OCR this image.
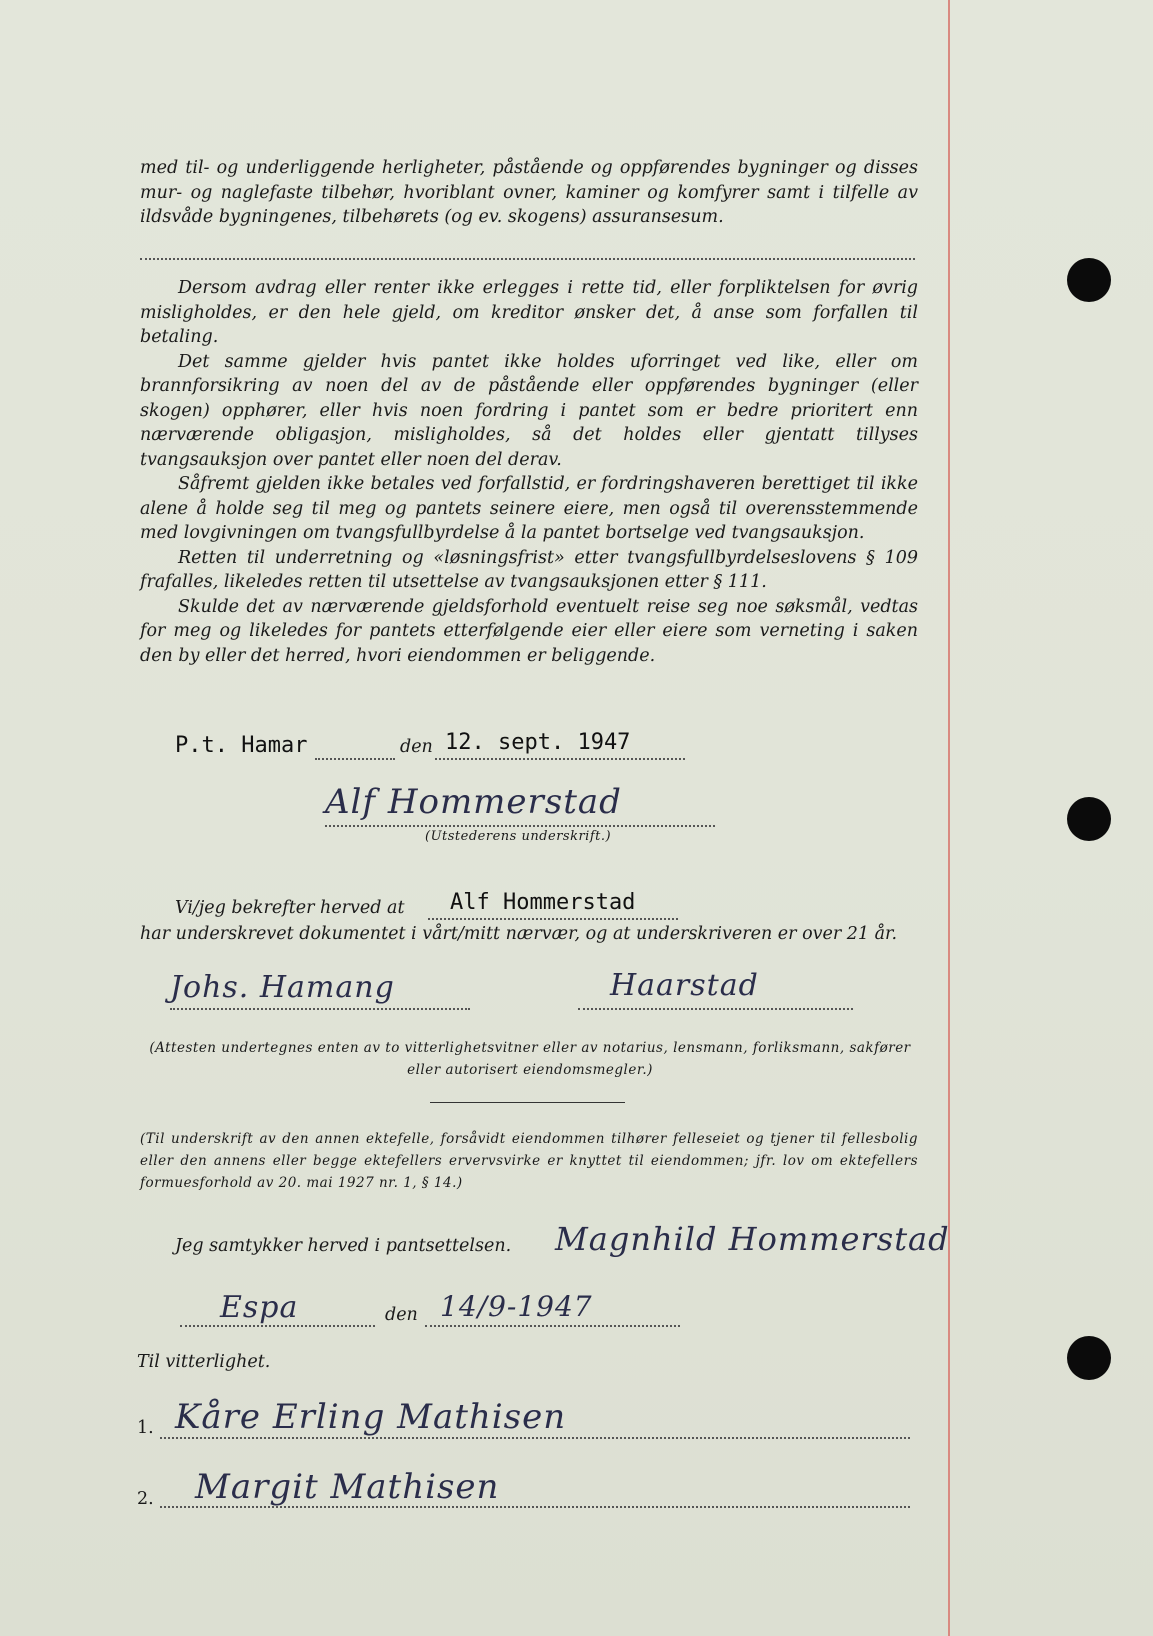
med til- og underliggende herligheter, påstående og oppførendes bygninger og disses mur- og naglefaste tilbehør, hvoriblant ovner, kaminer og komfyrer samt i tilfelle av ildsvåde bygningenes, tilbehørets (og ev. skogens) assuransesum.

Dersom avdrag eller renter ikke erlegges i rette tid, eller forpliktelsen for øvrig misligholdes, er den hele gjeld, om kreditor ønsker det, å anse som forfallen til betaling.

Det samme gjelder hvis pantet ikke holdes uforringet ved like, eller om brannforsikring av noen del av de påstående eller oppførendes bygninger (eller skogen) opphører, eller hvis noen fordring i pantet som er bedre prioritert enn nærværende obligasjon, misligholdes, så det holdes eller gjentatt tillyses tvangsauksjon over pantet eller noen del derav.

Såfremt gjelden ikke betales ved forfallstid, er fordringshaveren berettiget til ikke alene å holde seg til meg og pantets seinere eiere, men også til overensstemmende med lovgivningen om tvangsfullbyrdelse å la pantet bortselge ved tvangsauksjon.

Retten til underretning og «løsningsfrist» etter tvangsfullbyrdelseslovens § 109 frafalles, likeledes retten til utsettelse av tvangsauksjonen etter § 111.

Skulde det av nærværende gjeldsforhold eventuelt reise seg noe søksmål, vedtas for meg og likeledes for pantets etterfølgende eier eller eiere som verneting i saken den by eller det herred, hvori eiendommen er beliggende.

P.t. Hamar	den 12. sept. 1947
Alf Hommerstad
(Utstederens underskrift.)
Vi/jeg bekrefter herved at Alf Hommerstad
har underskrevet dokumentet i vårt/mitt nærvær, og at underskriveren er over 21 år.
Johs. Hamang	Haarstad
(Attesten undertegnes enten av to vitterlighetsvitner eller av notarius, lensmann, forliksmann, sakfører eller autorisert eiendomsmegler.)
(Til underskrift av den annen ektefelle, forsåvidt eiendommen tilhører felleseiet og tjener til fellesbolig eller den annens eller begge ektefellers ervervsvirke er knyttet til eiendommen; jfr. lov om ektefellers formuesforhold av 20. mai 1927 nr. 1, § 14.)
Jeg samtykker herved i pantsettelsen. Magnhild Hommerstad
Espa	den 14/9-1947
Til vitterlighet.
1. Kåre Erling Mathisen
2. Margit Mathisen
